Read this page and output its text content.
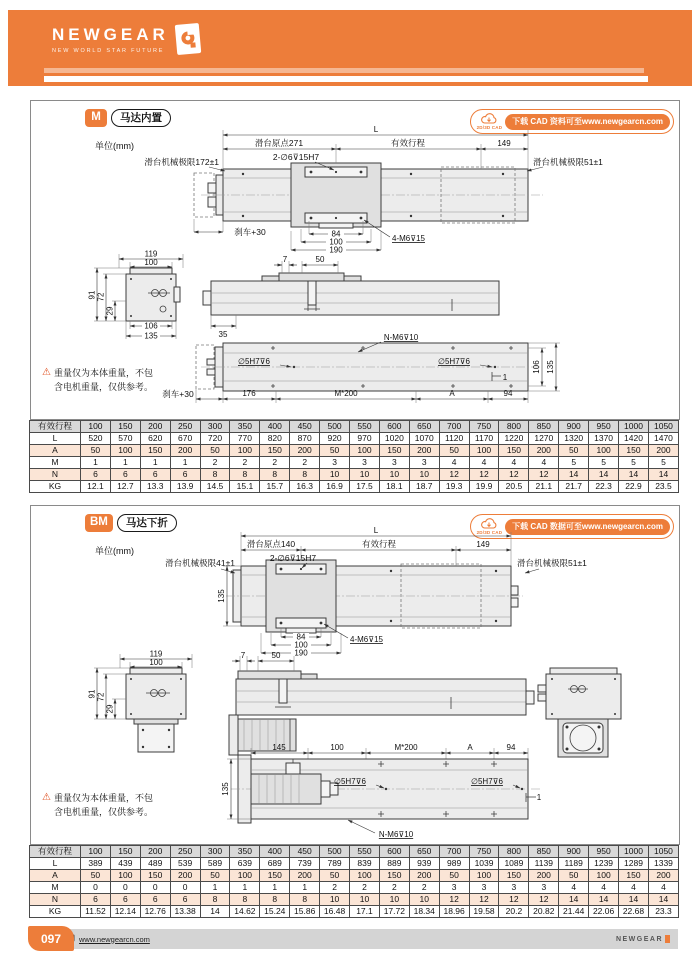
NEWGEAR
NEW WORLD STAR FUTURE
M	马达内置
单位(mm)
2D/3D CAD
下载 CAD 资料可至www.newgearcn.com
L
滑台原点271	有效行程	149
滑台机械极限172±1	2-∅6⊽15H7	滑台机械极限51±1
84
100
190
刹车+30
4-M6⊽15
119
100
91 72
29
106
135
7	50
35	N-M6⊽10
∅5H7⊽6	∅5H7⊽6
1
106 135
刹车+30	176	M*200	A	94
⚠ 重量仅为本体重量，不包
含电机重量，仅供参考。
有效行程	100	150	200	250	300	350	400	450	500	550	600	650	700	750	800	850	900	950	1000	1050
L	520	570	620	670	720	770	820	870	920	970	1020	1070	1120	1170	1220	1270	1320	1370	1420	1470
A	50	100	150	200	50	100	150	200	50	100	150	200	50	100	150	200	50	100	150	200
M	1	1	1	1	2	2	2	2	3	3	3	3	4	4	4	4	5	5	5	5
N	6	6	6	6	8	8	8	8	10	10	10	10	12	12	12	12	14	14	14	14
KG	12.1	12.7	13.3	13.9	14.5	15.1	15.7	16.3	16.9	17.5	18.1	18.7	19.3	19.9	20.5	21.1	21.7	22.3	22.9	23.5
BM	马达下折
单位(mm)
2D/3D CAD
下载 CAD 数据可至www.newgearcn.com
L
滑台原点140	有效行程	149
滑台机械极限41±1	2-∅6⊽15H7	滑台机械极限51±1
135
84
100
190
4-M6⊽15
119
100
91 72
29
7	50
145	100	M*200	A	94
135
∅5H7⊽6	∅5H7⊽6
1
N-M6⊽10
⚠ 重量仅为本体重量，不包
含电机重量，仅供参考。
有效行程	100	150	200	250	300	350	400	450	500	550	600	650	700	750	800	850	900	950	1000	1050
L	389	439	489	539	589	639	689	739	789	839	889	939	989	1039	1089	1139	1189	1239	1289	1339
A	50	100	150	200	50	100	150	200	50	100	150	200	50	100	150	200	50	100	150	200
M	0	0	0	0	1	1	1	1	2	2	2	2	3	3	3	3	4	4	4	4
N	6	6	6	6	8	8	8	8	10	10	10	10	12	12	12	12	14	14	14	14
KG	11.52	12.14	12.76	13.38	14	14.62	15.24	15.86	16.48	17.1	17.72	18.34	18.96	19.58	20.2	20.82	21.44	22.06	22.68	23.3
www.newgearcn.com	NEWGEAR
097
